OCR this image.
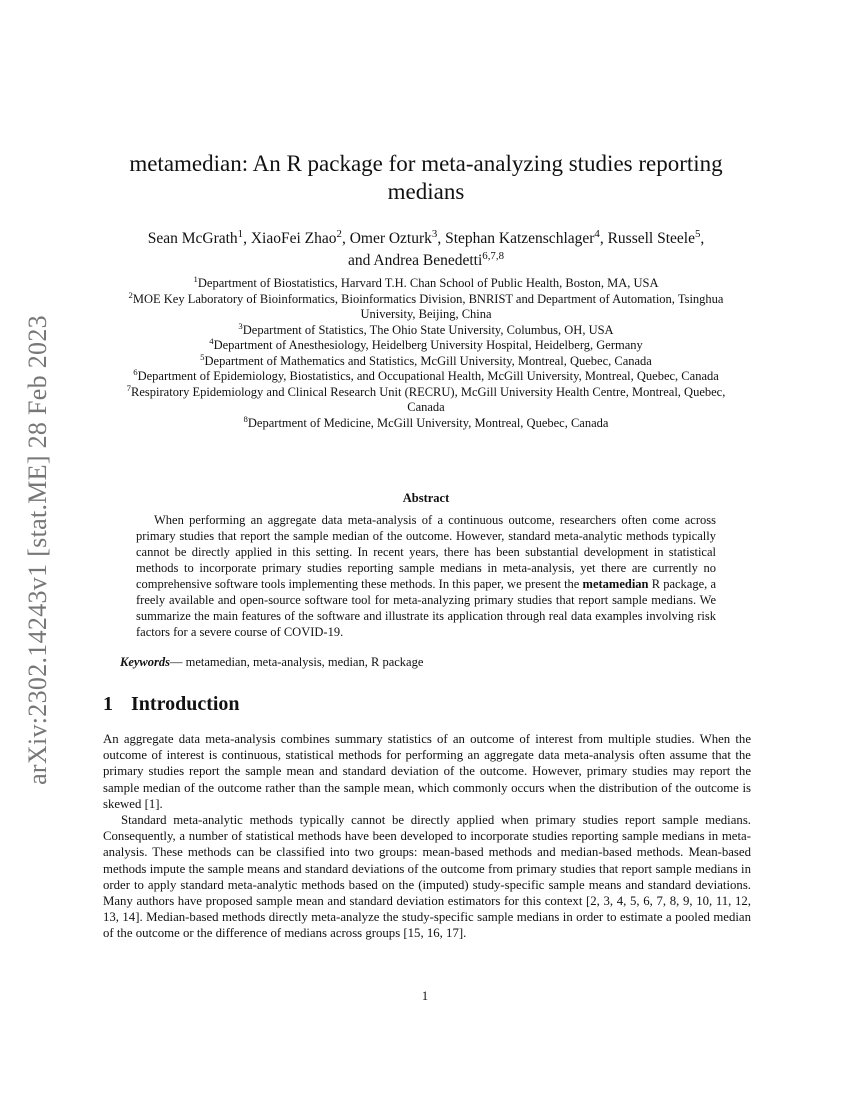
arXiv:2302.14243v1 [stat.ME] 28 Feb 2023
metamedian: An R package for meta-analyzing studies reporting medians
Sean McGrath$^1$, XiaoFei Zhao$^2$, Omer Ozturk$^3$, Stephan Katzenschlager$^4$, Russell Steele$^5$,
and Andrea Benedetti$^{6,7,8}$
$^1$Department of Biostatistics, Harvard T.H. Chan School of Public Health, Boston, MA, USA
$^2$MOE Key Laboratory of Bioinformatics, Bioinformatics Division, BNRIST and Department of Automation, Tsinghua University, Beijing, China
$^3$Department of Statistics, The Ohio State University, Columbus, OH, USA
$^4$Department of Anesthesiology, Heidelberg University Hospital, Heidelberg, Germany
$^5$Department of Mathematics and Statistics, McGill University, Montreal, Quebec, Canada
$^6$Department of Epidemiology, Biostatistics, and Occupational Health, McGill University, Montreal, Quebec, Canada
$^7$Respiratory Epidemiology and Clinical Research Unit (RECRU), McGill University Health Centre, Montreal, Quebec, Canada
$^8$Department of Medicine, McGill University, Montreal, Quebec, Canada
Abstract
When performing an aggregate data meta-analysis of a continuous outcome, researchers often come across primary studies that report the sample median of the outcome. However, standard meta-analytic methods typically cannot be directly applied in this setting. In recent years, there has been substantial development in statistical methods to incorporate primary studies reporting sample medians in meta-analysis, yet there are currently no comprehensive software tools implementing these methods. In this paper, we present the metamedian R package, a freely available and open-source software tool for meta-analyzing primary studies that report sample medians. We summarize the main features of the software and illustrate its application through real data examples involving risk factors for a severe course of COVID-19.
Keywords— metamedian, meta-analysis, median, R package
1 Introduction

An aggregate data meta-analysis combines summary statistics of an outcome of interest from multiple studies. When the outcome of interest is continuous, statistical methods for performing an aggregate data meta-analysis often assume that the primary studies report the sample mean and standard deviation of the outcome. However, primary studies may report the sample median of the outcome rather than the sample mean, which commonly occurs when the distribution of the outcome is skewed [1].

Standard meta-analytic methods typically cannot be directly applied when primary studies report sample medians. Consequently, a number of statistical methods have been developed to incorporate studies reporting sample medians in meta-analysis. These methods can be classified into two groups: mean-based methods and median-based methods. Mean-based methods impute the sample means and standard deviations of the outcome from primary studies that report sample medians in order to apply standard meta-analytic methods based on the (imputed) study-specific sample means and standard deviations. Many authors have proposed sample mean and standard deviation estimators for this context [2, 3, 4, 5, 6, 7, 8, 9, 10, 11, 12, 13, 14]. Median-based methods directly meta-analyze the study-specific sample medians in order to estimate a pooled median of the outcome or the difference of medians across groups [15, 16, 17].

1
